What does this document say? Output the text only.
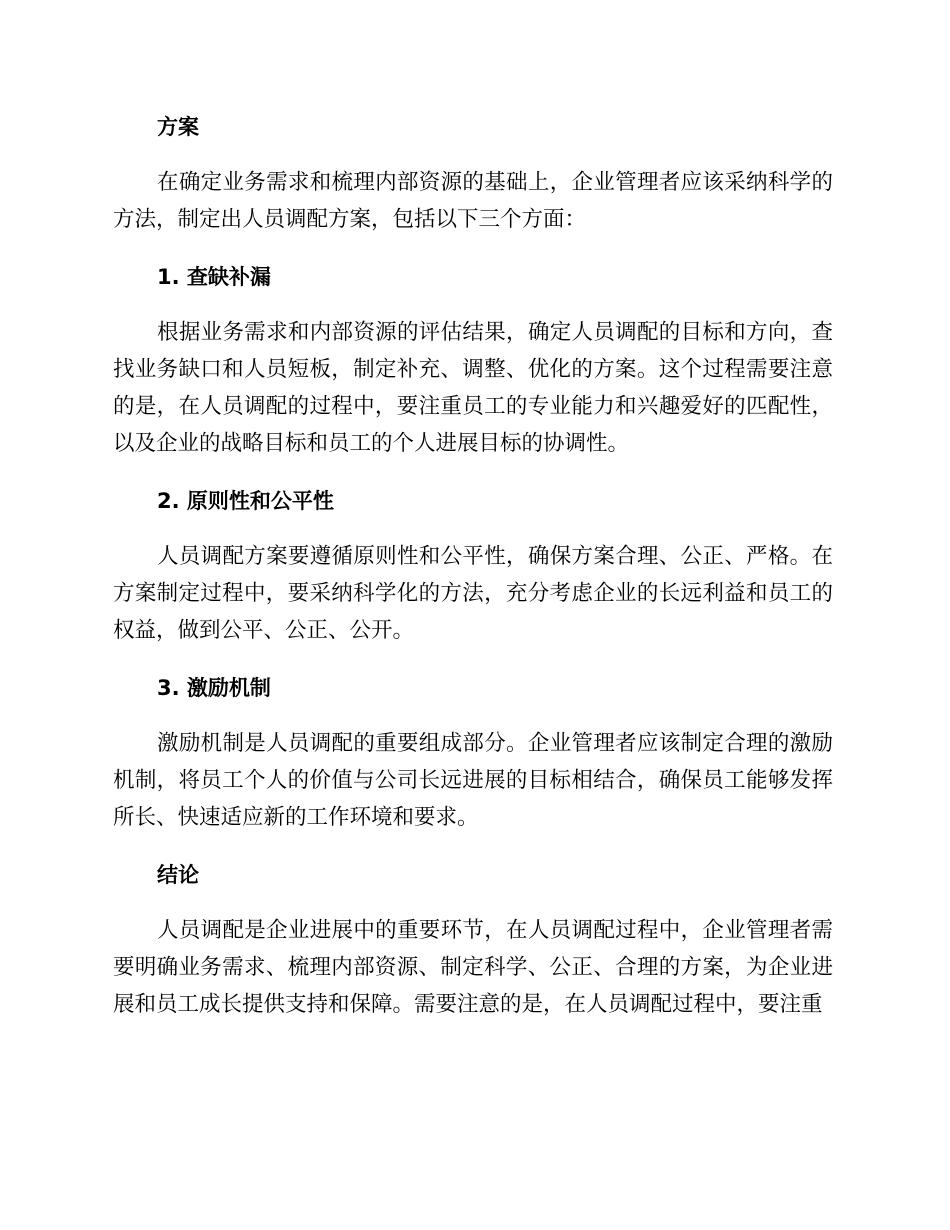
方案

在确定业务需求和梳理内部资源的基础上，企业管理者应该采纳科学的方法，制定出人员调配方案，包括以下三个方面：

1. 查缺补漏

根据业务需求和内部资源的评估结果，确定人员调配的目标和方向，查找业务缺口和人员短板，制定补充、调整、优化的方案。这个过程需要注意的是，在人员调配的过程中，要注重员工的专业能力和兴趣爱好的匹配性，以及企业的战略目标和员工的个人进展目标的协调性。

2. 原则性和公平性

人员调配方案要遵循原则性和公平性，确保方案合理、公正、严格。在方案制定过程中，要采纳科学化的方法，充分考虑企业的长远利益和员工的权益，做到公平、公正、公开。

3. 激励机制

激励机制是人员调配的重要组成部分。企业管理者应该制定合理的激励机制，将员工个人的价值与公司长远进展的目标相结合，确保员工能够发挥所长、快速适应新的工作环境和要求。

结论

人员调配是企业进展中的重要环节，在人员调配过程中，企业管理者需要明确业务需求、梳理内部资源、制定科学、公正、合理的方案，为企业进展和员工成长提供支持和保障。需要注意的是，在人员调配过程中，要注重
